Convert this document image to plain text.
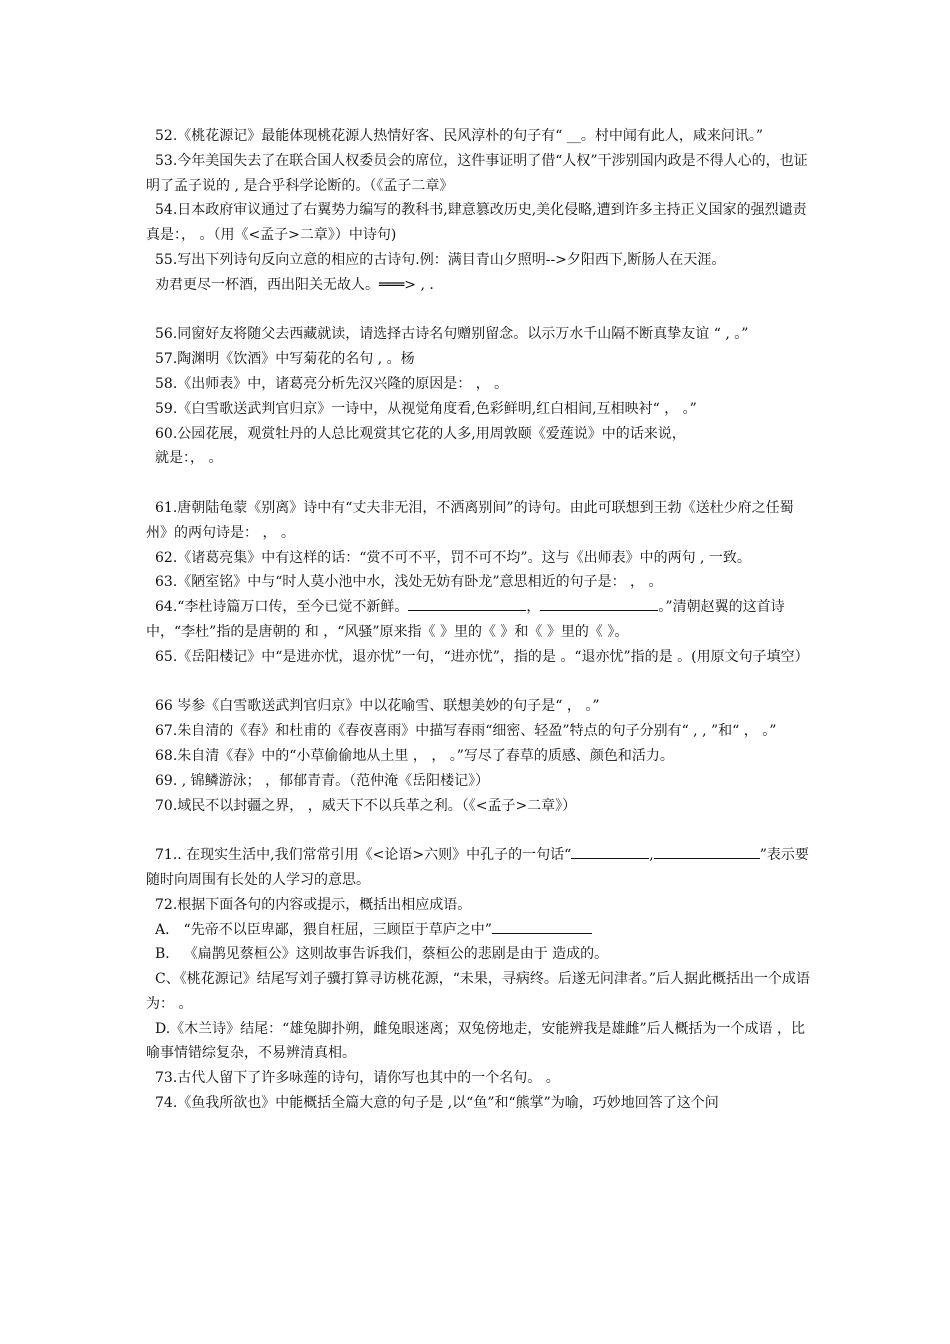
52.《桃花源记》最能体现桃花源人热情好客、民风淳朴的句子有“ __。村中闻有此人，咸来问讯。”

53.今年美国失去了在联合国人权委员会的席位，这件事证明了借“人权”干涉别国内政是不得人心的，也证明了孟子说的 , 是合乎科学论断的。（《孟子二章》

54.日本政府审议通过了右翼势力编写的教科书,肆意篡改历史,美化侵略,遭到许多主持正义国家的强烈谴责真是：， 。（用《<孟子>二章》）中诗句)

55.写出下列诗句反向立意的相应的古诗句.例：满目青山夕照明-->夕阳西下,断肠人在天涯。

劝君更尽一杯酒，西出阳关无故人。═══> , .

56.同窗好友将随父去西藏就读，请选择古诗名句赠别留念。以示万水千山隔不断真挚友谊 “ , 。”

57.陶渊明《饮酒》中写菊花的名句 , 。杨

58.《出师表》中，诸葛亮分析先汉兴隆的原因是： ， 。

59.《白雪歌送武判官归京》一诗中，从视觉角度看,色彩鲜明,红白相间,互相映衬“ ， 。”

60.公园花展，观赏牡丹的人总比观赏其它花的人多,用周敦颐《爱莲说》中的话来说，

就是：， 。

61.唐朝陆龟蒙《别离》诗中有“丈夫非无泪，不洒离别间”的诗句。由此可联想到王勃《送杜少府之任蜀州》的两句诗是： ， 。

62.《诸葛亮集》中有这样的话：“赏不可不平，罚不可不均”。这与《出师表》中的两句 , 一致。

63.《陋室铭》中与“时人莫小池中水，浅处无妨有卧龙”意思相近的句子是： ， 。

64.“李杜诗篇万口传，至今已觉不新鲜。	，	。”清朝赵翼的这首诗中，“李杜”指的是唐朝的 和 ，“风骚”原来指《 》里的《 》和《 》里的《 》。

65.《岳阳楼记》中“是进亦忧，退亦忧”一句，“进亦忧”，指的是 。“退亦忧”指的是 。(用原文句子填空）

66 岑参《白雪歌送武判官归京》中以花喻雪、联想美妙的句子是“ ， 。”

67.朱自清的《春》和杜甫的《春夜喜雨》中描写春雨“细密、轻盈”特点的句子分别有“ , , ”和“ ， 。”

68.朱自清《春》中的“小草偷偷地从土里 ， ， 。”写尽了春草的质感、颜色和活力。

69. , 锦鳞游泳； ，郁郁青青。（范仲淹《岳阳楼记》）

70.域民不以封疆之界， ，威天下不以兵革之利。（《<孟子>二章》）

71.. 在现实生活中,我们常常引用《<论语>六则》中孔子的一句话“	,	”表示要随时向周围有长处的人学习的意思。

72.根据下面各句的内容或提示，概括出相应成语。

A． “先帝不以臣卑鄙，猥自枉屈，三顾臣于草庐之中”

B． 《扁鹊见蔡桓公》这则故事告诉我们，蔡桓公的悲剧是由于 造成的。

C、《桃花源记》结尾写刘子骥打算寻访桃花源，“未果，寻病终。后遂无问津者。”后人据此概括出一个成语为： 。

D.《木兰诗》结尾：“雄兔脚扑朔，雌兔眼迷离；双兔傍地走，安能辨我是雄雌”后人概括为一个成语 ，比喻事情错综复杂，不易辨清真相。

73.古代人留下了许多咏莲的诗句，请你写也其中的一个名句。 。

74.《鱼我所欲也》中能概括全篇大意的句子是 ,以“鱼”和“熊掌”为喻，巧妙地回答了这个问
